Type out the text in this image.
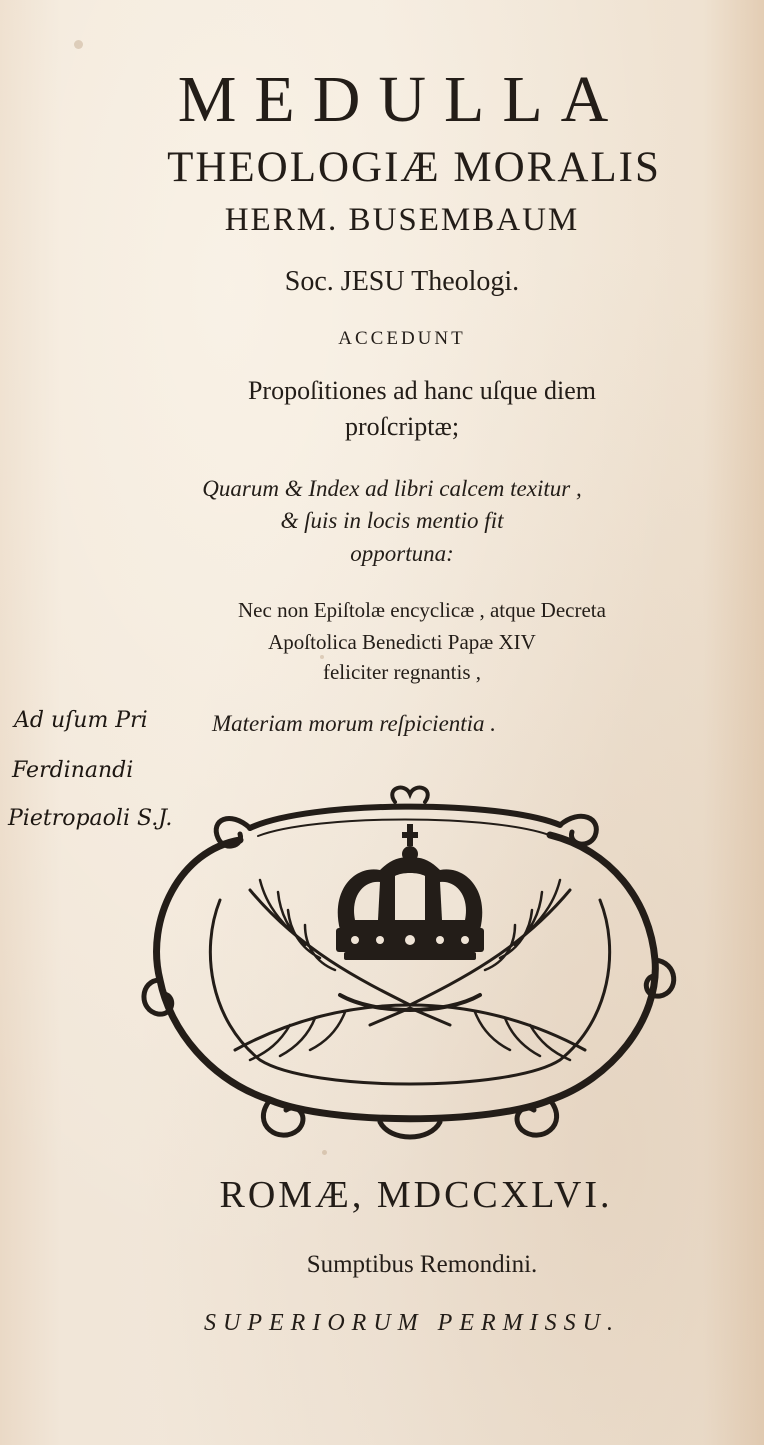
MEDULLA
THEOLOGIÆ MORALIS
HERM. BUSEMBAUM
Soc. JESU Theologi.
ACCEDUNT
Propoſitiones ad hanc uſque diem
proſcriptæ;
Quarum & Index ad libri calcem texitur ,
& ſuis in locis mentio fit
opportuna:
Nec non Epiſtolæ encyclicæ , atque Decreta
Apoſtolica Benedicti Papæ XIV
feliciter regnantis ,
Materiam morum reſpicientia .
Ad uſum Pri
Ferdinandi
Pietropaoli S.J.
ROMÆ, MDCCXLVI.
Sumptibus Remondini.
SUPERIORUM PERMISSU.
